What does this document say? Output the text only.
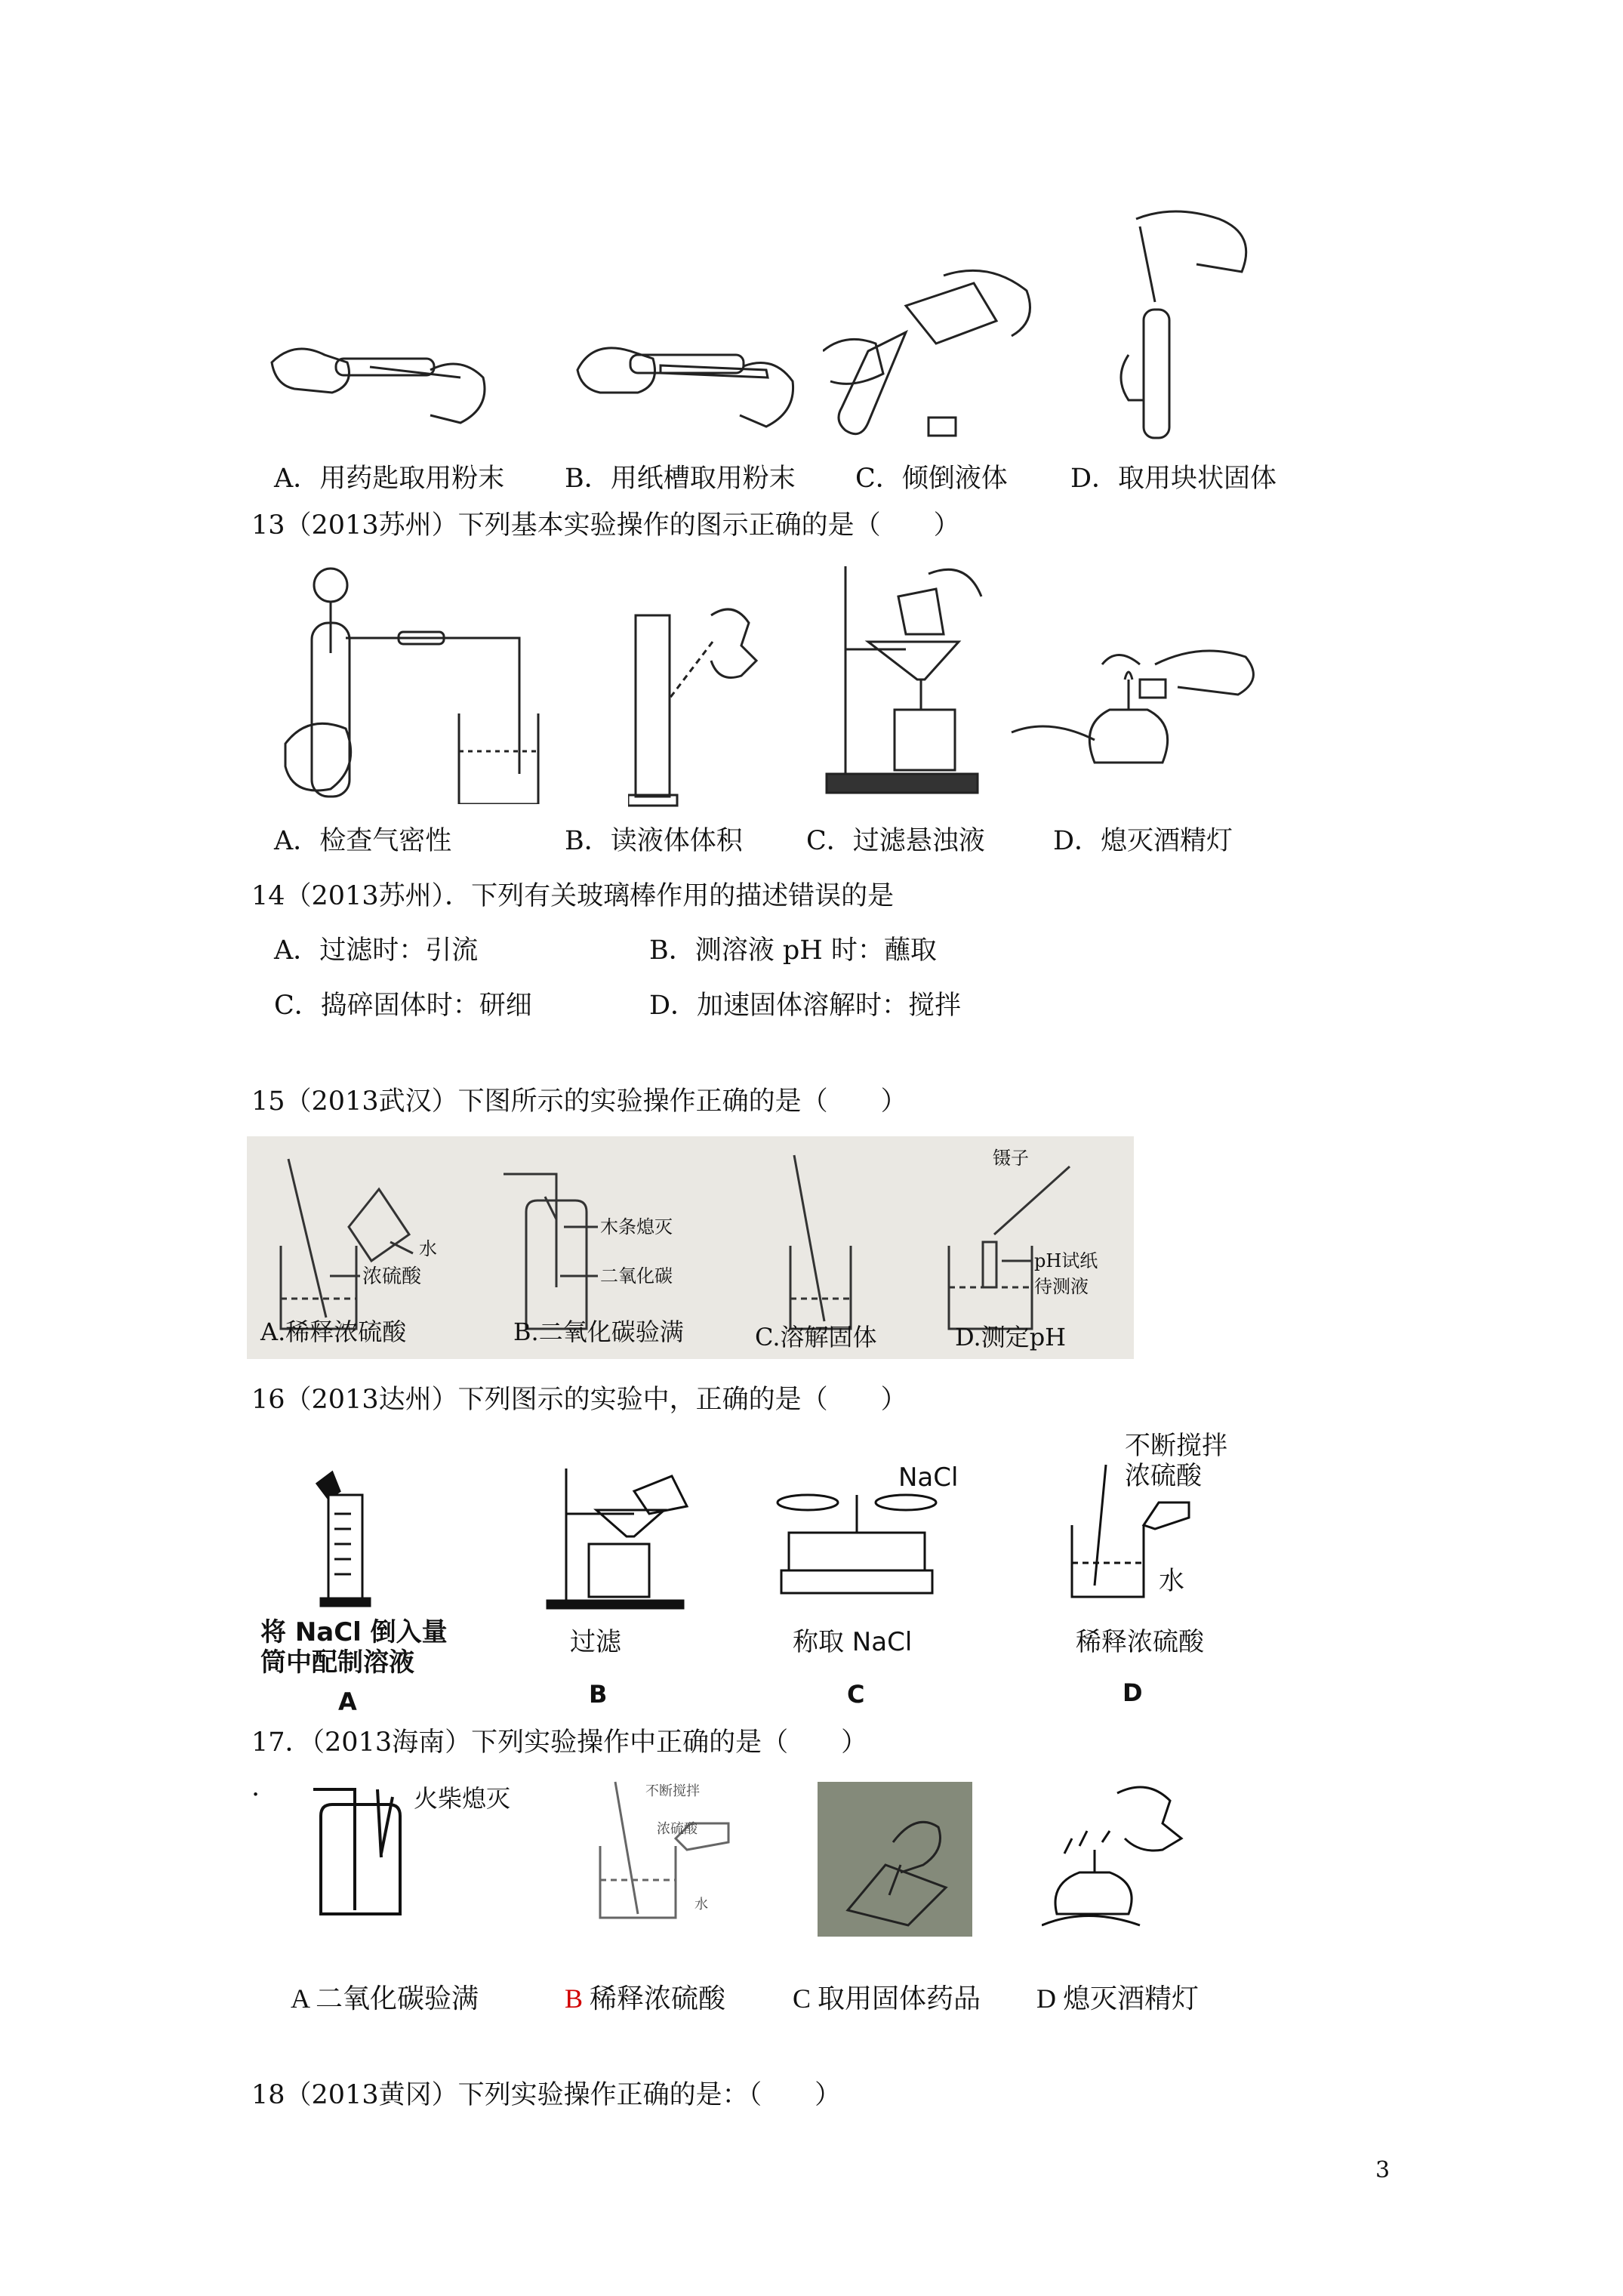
A．用药匙取用粉末 B．用纸槽取用粉末 C．倾倒液体 D．取用块状固体
13（2013苏州）下列基本实验操作的图示正确的是（　　）
A．检查气密性	B．读液体体积 C．过滤悬浊液	D．熄灭酒精灯
14（2013苏州）．下列有关玻璃棒作用的描述错误的是
A．过滤时：引流	B．测溶液 pH 时：蘸取
C．捣碎固体时：研细	D．加速固体溶解时：搅拌
15（2013武汉）下图所示的实验操作正确的是（　　）
水
浓硫酸
木条熄灭
二氧化碳
镊子
pH试纸
待测液
A.稀释浓硫酸	B.二氧化碳验满	C.溶解固体	D.测定pH
16（2013达州）下列图示的实验中，正确的是（　　）
NaCl
不断搅拌
浓硫酸
水
将 NaCl 倒入量
筒中配制溶液
过滤	称取 NaCl	稀释浓硫酸
A	B	C	D
17．（2013海南）下列实验操作中正确的是（　　）
.	火柴熄灭	不断搅拌
浓硫酸
水
A 二氧化碳验满	B 稀释浓硫酸 C 取用固体药品 D 熄灭酒精灯
18（2013黄冈）下列实验操作正确的是：（　　）
3
